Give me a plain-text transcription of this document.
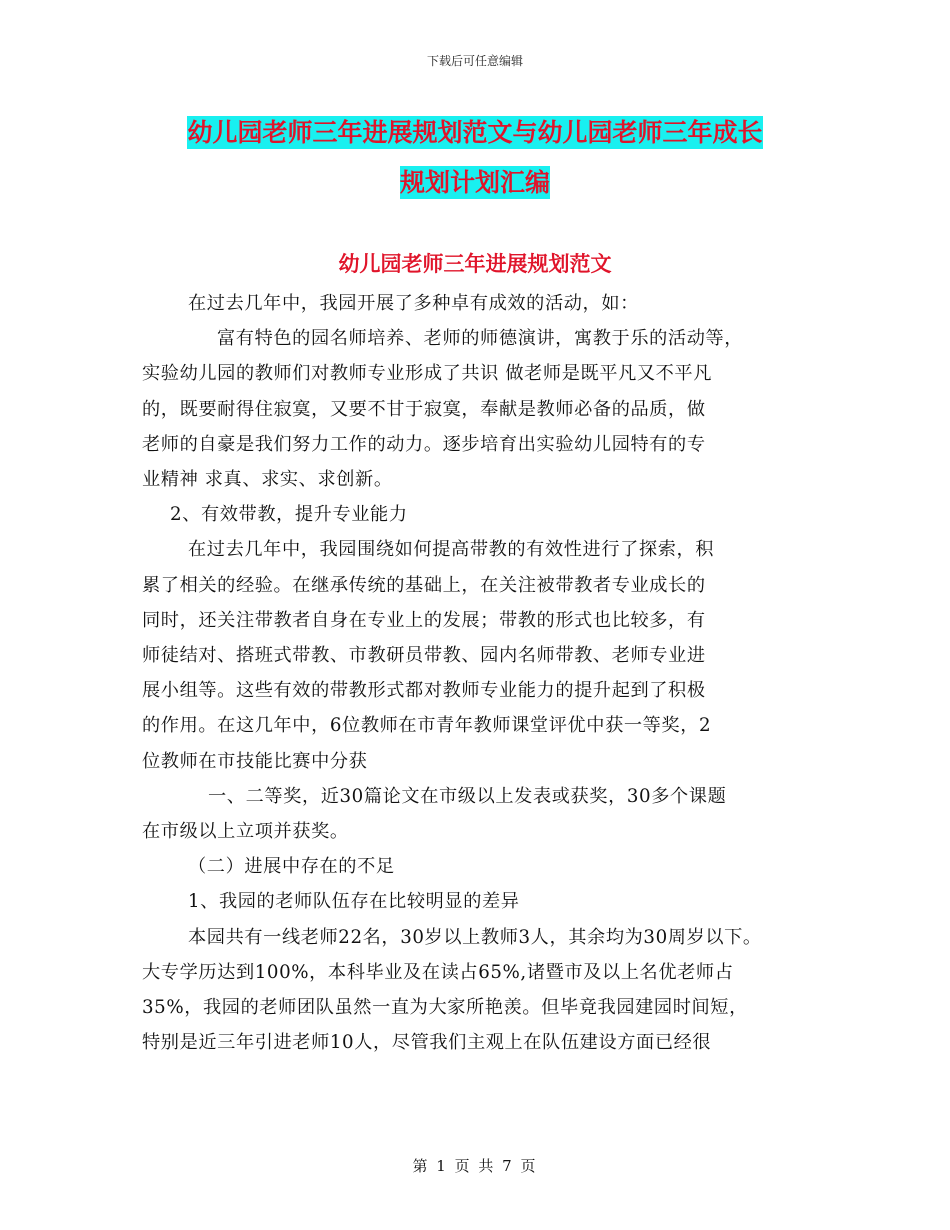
下载后可任意编辑
幼儿园老师三年进展规划范文与幼儿园老师三年成长
规划计划汇编
幼儿园老师三年进展规划范文

在过去几年中，我园开展了多种卓有成效的活动，如：

富有特色的园名师培养、老师的师德演讲，寓教于乐的活动等，

实验幼儿园的教师们对教师专业形成了共识 做老师是既平凡又不平凡

的，既要耐得住寂寞，又要不甘于寂寞，奉献是教师必备的品质，做

老师的自豪是我们努力工作的动力。逐步培育出实验幼儿园特有的专

业精神 求真、求实、求创新。

2、有效带教，提升专业能力

在过去几年中，我园围绕如何提高带教的有效性进行了探索，积

累了相关的经验。在继承传统的基础上，在关注被带教者专业成长的

同时，还关注带教者自身在专业上的发展；带教的形式也比较多，有

师徒结对、搭班式带教、市教研员带教、园内名师带教、老师专业进

展小组等。这些有效的带教形式都对教师专业能力的提升起到了积极

的作用。在这几年中，6位教师在市青年教师课堂评优中获一等奖，2

位教师在市技能比赛中分获

一、二等奖，近30篇论文在市级以上发表或获奖，30多个课题

在市级以上立项并获奖。

（二）进展中存在的不足

1、我园的老师队伍存在比较明显的差异

本园共有一线老师22名，30岁以上教师3人，其余均为30周岁以下。

大专学历达到100%，本科毕业及在读占65%,诸暨市及以上名优老师占

35%，我园的老师团队虽然一直为大家所艳羡。但毕竟我园建园时间短，

特别是近三年引进老师10人，尽管我们主观上在队伍建设方面已经很

第 1 页 共 7 页
